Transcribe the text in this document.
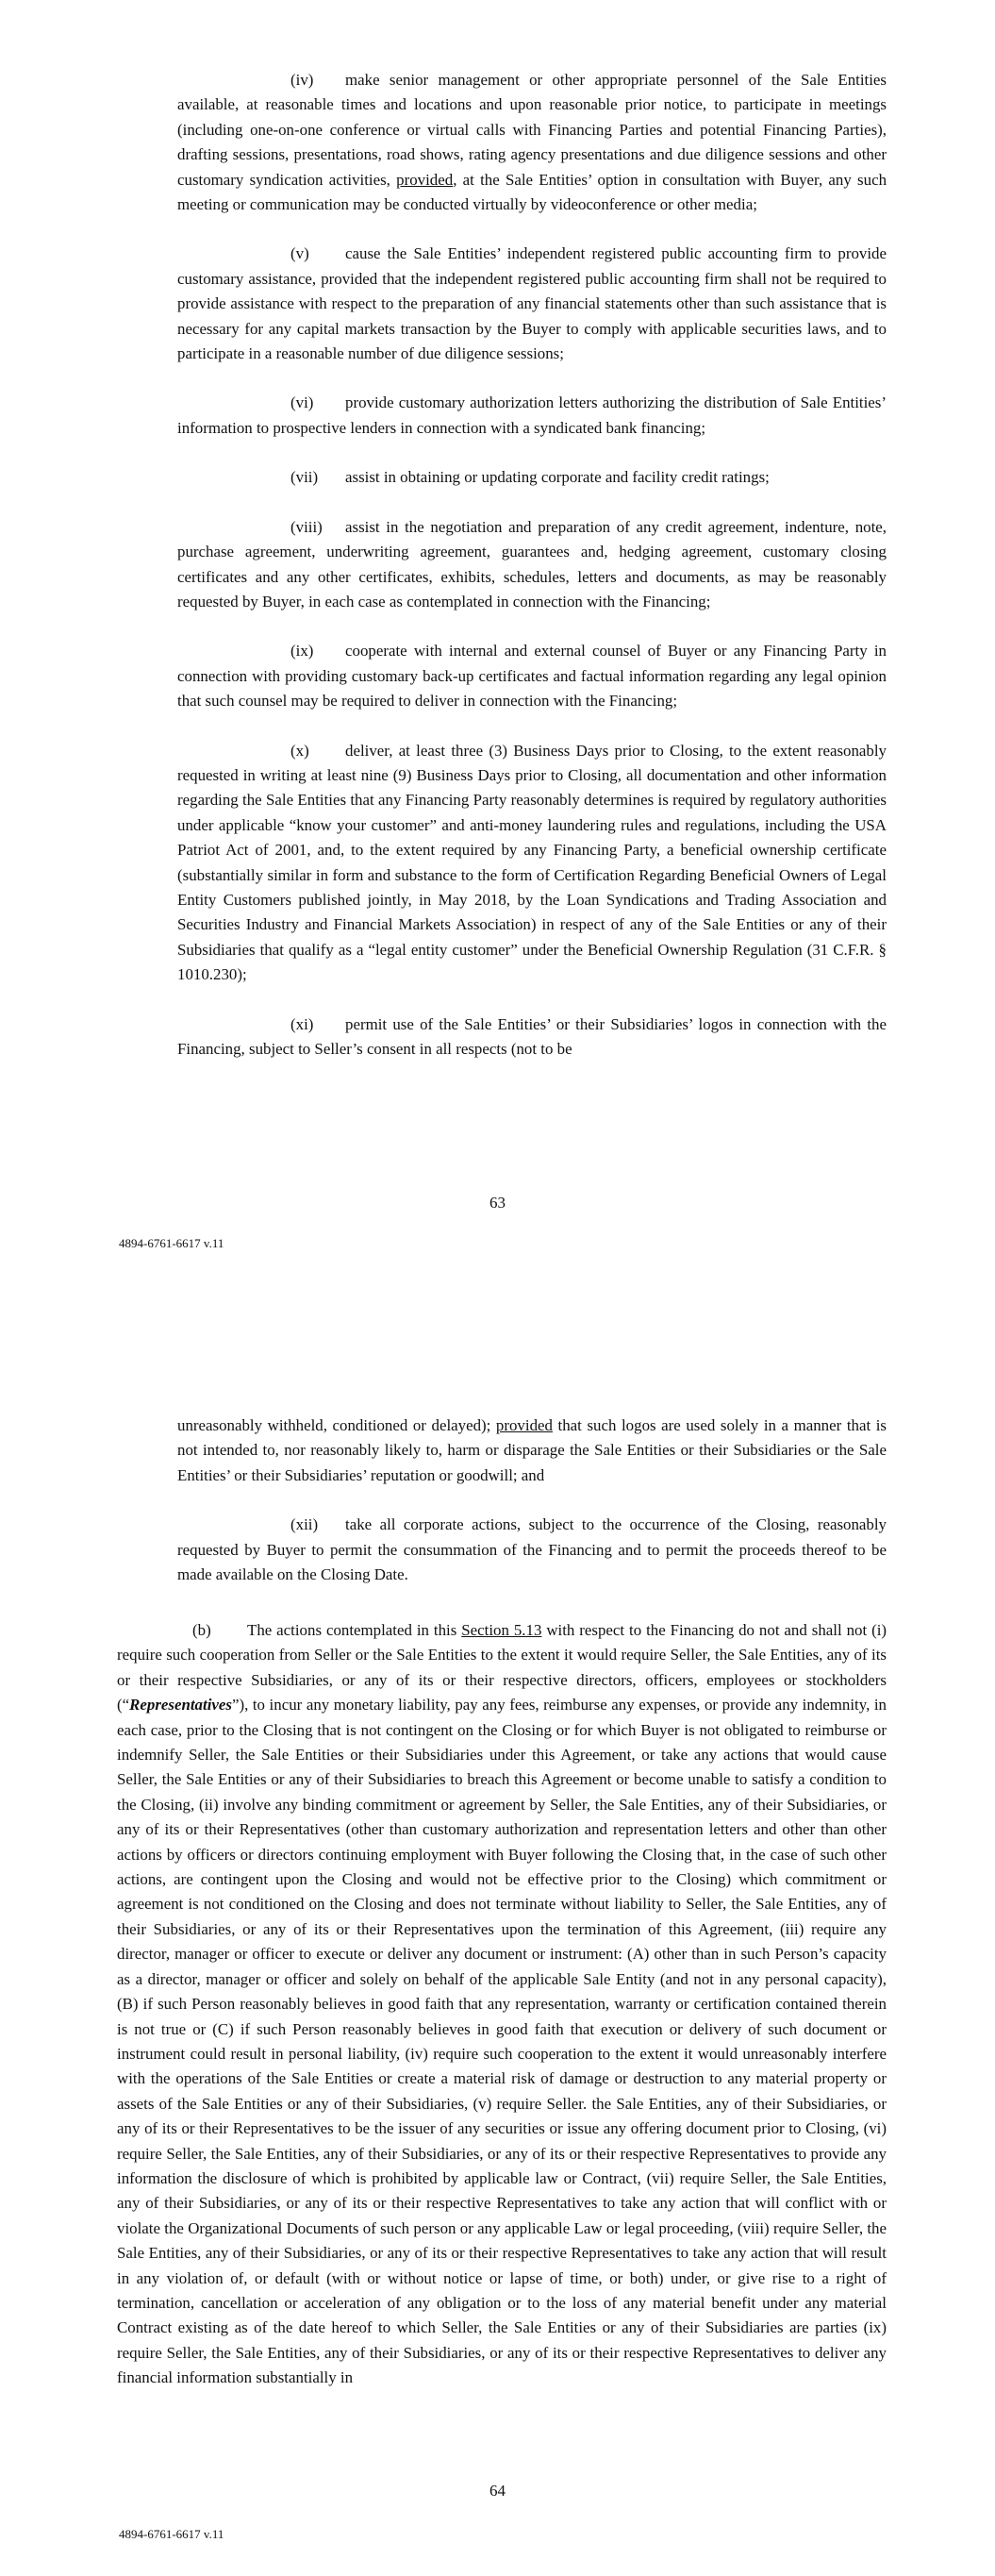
(iv) make senior management or other appropriate personnel of the Sale Entities available, at reasonable times and locations and upon reasonable prior notice, to participate in meetings (including one-on-one conference or virtual calls with Financing Parties and potential Financing Parties), drafting sessions, presentations, road shows, rating agency presentations and due diligence sessions and other customary syndication activities, provided, at the Sale Entities’ option in consultation with Buyer, any such meeting or communication may be conducted virtually by videoconference or other media;

(v) cause the Sale Entities’ independent registered public accounting firm to provide customary assistance, provided that the independent registered public accounting firm shall not be required to provide assistance with respect to the preparation of any financial statements other than such assistance that is necessary for any capital markets transaction by the Buyer to comply with applicable securities laws, and to participate in a reasonable number of due diligence sessions;

(vi) provide customary authorization letters authorizing the distribution of Sale Entities’ information to prospective lenders in connection with a syndicated bank financing;

(vii) assist in obtaining or updating corporate and facility credit ratings;

(viii) assist in the negotiation and preparation of any credit agreement, indenture, note, purchase agreement, underwriting agreement, guarantees and, hedging agreement, customary closing certificates and any other certificates, exhibits, schedules, letters and documents, as may be reasonably requested by Buyer, in each case as contemplated in connection with the Financing;

(ix) cooperate with internal and external counsel of Buyer or any Financing Party in connection with providing customary back-up certificates and factual information regarding any legal opinion that such counsel may be required to deliver in connection with the Financing;

(x) deliver, at least three (3) Business Days prior to Closing, to the extent reasonably requested in writing at least nine (9) Business Days prior to Closing, all documentation and other information regarding the Sale Entities that any Financing Party reasonably determines is required by regulatory authorities under applicable “know your customer” and anti-money laundering rules and regulations, including the USA Patriot Act of 2001, and, to the extent required by any Financing Party, a beneficial ownership certificate (substantially similar in form and substance to the form of Certification Regarding Beneficial Owners of Legal Entity Customers published jointly, in May 2018, by the Loan Syndications and Trading Association and Securities Industry and Financial Markets Association) in respect of any of the Sale Entities or any of their Subsidiaries that qualify as a “legal entity customer” under the Beneficial Ownership Regulation (31 C.F.R. § 1010.230);

(xi) permit use of the Sale Entities’ or their Subsidiaries’ logos in connection with the Financing, subject to Seller’s consent in all respects (not to be

63
4894-6761-6617 v.11

unreasonably withheld, conditioned or delayed); provided that such logos are used solely in a manner that is not intended to, nor reasonably likely to, harm or disparage the Sale Entities or their Subsidiaries or the Sale Entities’ or their Subsidiaries’ reputation or goodwill; and

(xii) take all corporate actions, subject to the occurrence of the Closing, reasonably requested by Buyer to permit the consummation of the Financing and to permit the proceeds thereof to be made available on the Closing Date.

(b) The actions contemplated in this Section 5.13 with respect to the Financing do not and shall not (i) require such cooperation from Seller or the Sale Entities to the extent it would require Seller, the Sale Entities, any of its or their respective Subsidiaries, or any of its or their respective directors, officers, employees or stockholders (“Representatives”), to incur any monetary liability, pay any fees, reimburse any expenses, or provide any indemnity, in each case, prior to the Closing that is not contingent on the Closing or for which Buyer is not obligated to reimburse or indemnify Seller, the Sale Entities or their Subsidiaries under this Agreement, or take any actions that would cause Seller, the Sale Entities or any of their Subsidiaries to breach this Agreement or become unable to satisfy a condition to the Closing, (ii) involve any binding commitment or agreement by Seller, the Sale Entities, any of their Subsidiaries, or any of its or their Representatives (other than customary authorization and representation letters and other than other actions by officers or directors continuing employment with Buyer following the Closing that, in the case of such other actions, are contingent upon the Closing and would not be effective prior to the Closing) which commitment or agreement is not conditioned on the Closing and does not terminate without liability to Seller, the Sale Entities, any of their Subsidiaries, or any of its or their Representatives upon the termination of this Agreement, (iii) require any director, manager or officer to execute or deliver any document or instrument: (A) other than in such Person’s capacity as a director, manager or officer and solely on behalf of the applicable Sale Entity (and not in any personal capacity), (B) if such Person reasonably believes in good faith that any representation, warranty or certification contained therein is not true or (C) if such Person reasonably believes in good faith that execution or delivery of such document or instrument could result in personal liability, (iv) require such cooperation to the extent it would unreasonably interfere with the operations of the Sale Entities or create a material risk of damage or destruction to any material property or assets of the Sale Entities or any of their Subsidiaries, (v) require Seller. the Sale Entities, any of their Subsidiaries, or any of its or their Representatives to be the issuer of any securities or issue any offering document prior to Closing, (vi) require Seller, the Sale Entities, any of their Subsidiaries, or any of its or their respective Representatives to provide any information the disclosure of which is prohibited by applicable law or Contract, (vii) require Seller, the Sale Entities, any of their Subsidiaries, or any of its or their respective Representatives to take any action that will conflict with or violate the Organizational Documents of such person or any applicable Law or legal proceeding, (viii) require Seller, the Sale Entities, any of their Subsidiaries, or any of its or their respective Representatives to take any action that will result in any violation of, or default (with or without notice or lapse of time, or both) under, or give rise to a right of termination, cancellation or acceleration of any obligation or to the loss of any material benefit under any material Contract existing as of the date hereof to which Seller, the Sale Entities or any of their Subsidiaries are parties (ix) require Seller, the Sale Entities, any of their Subsidiaries, or any of its or their respective Representatives to deliver any financial information substantially in

64
4894-6761-6617 v.11
